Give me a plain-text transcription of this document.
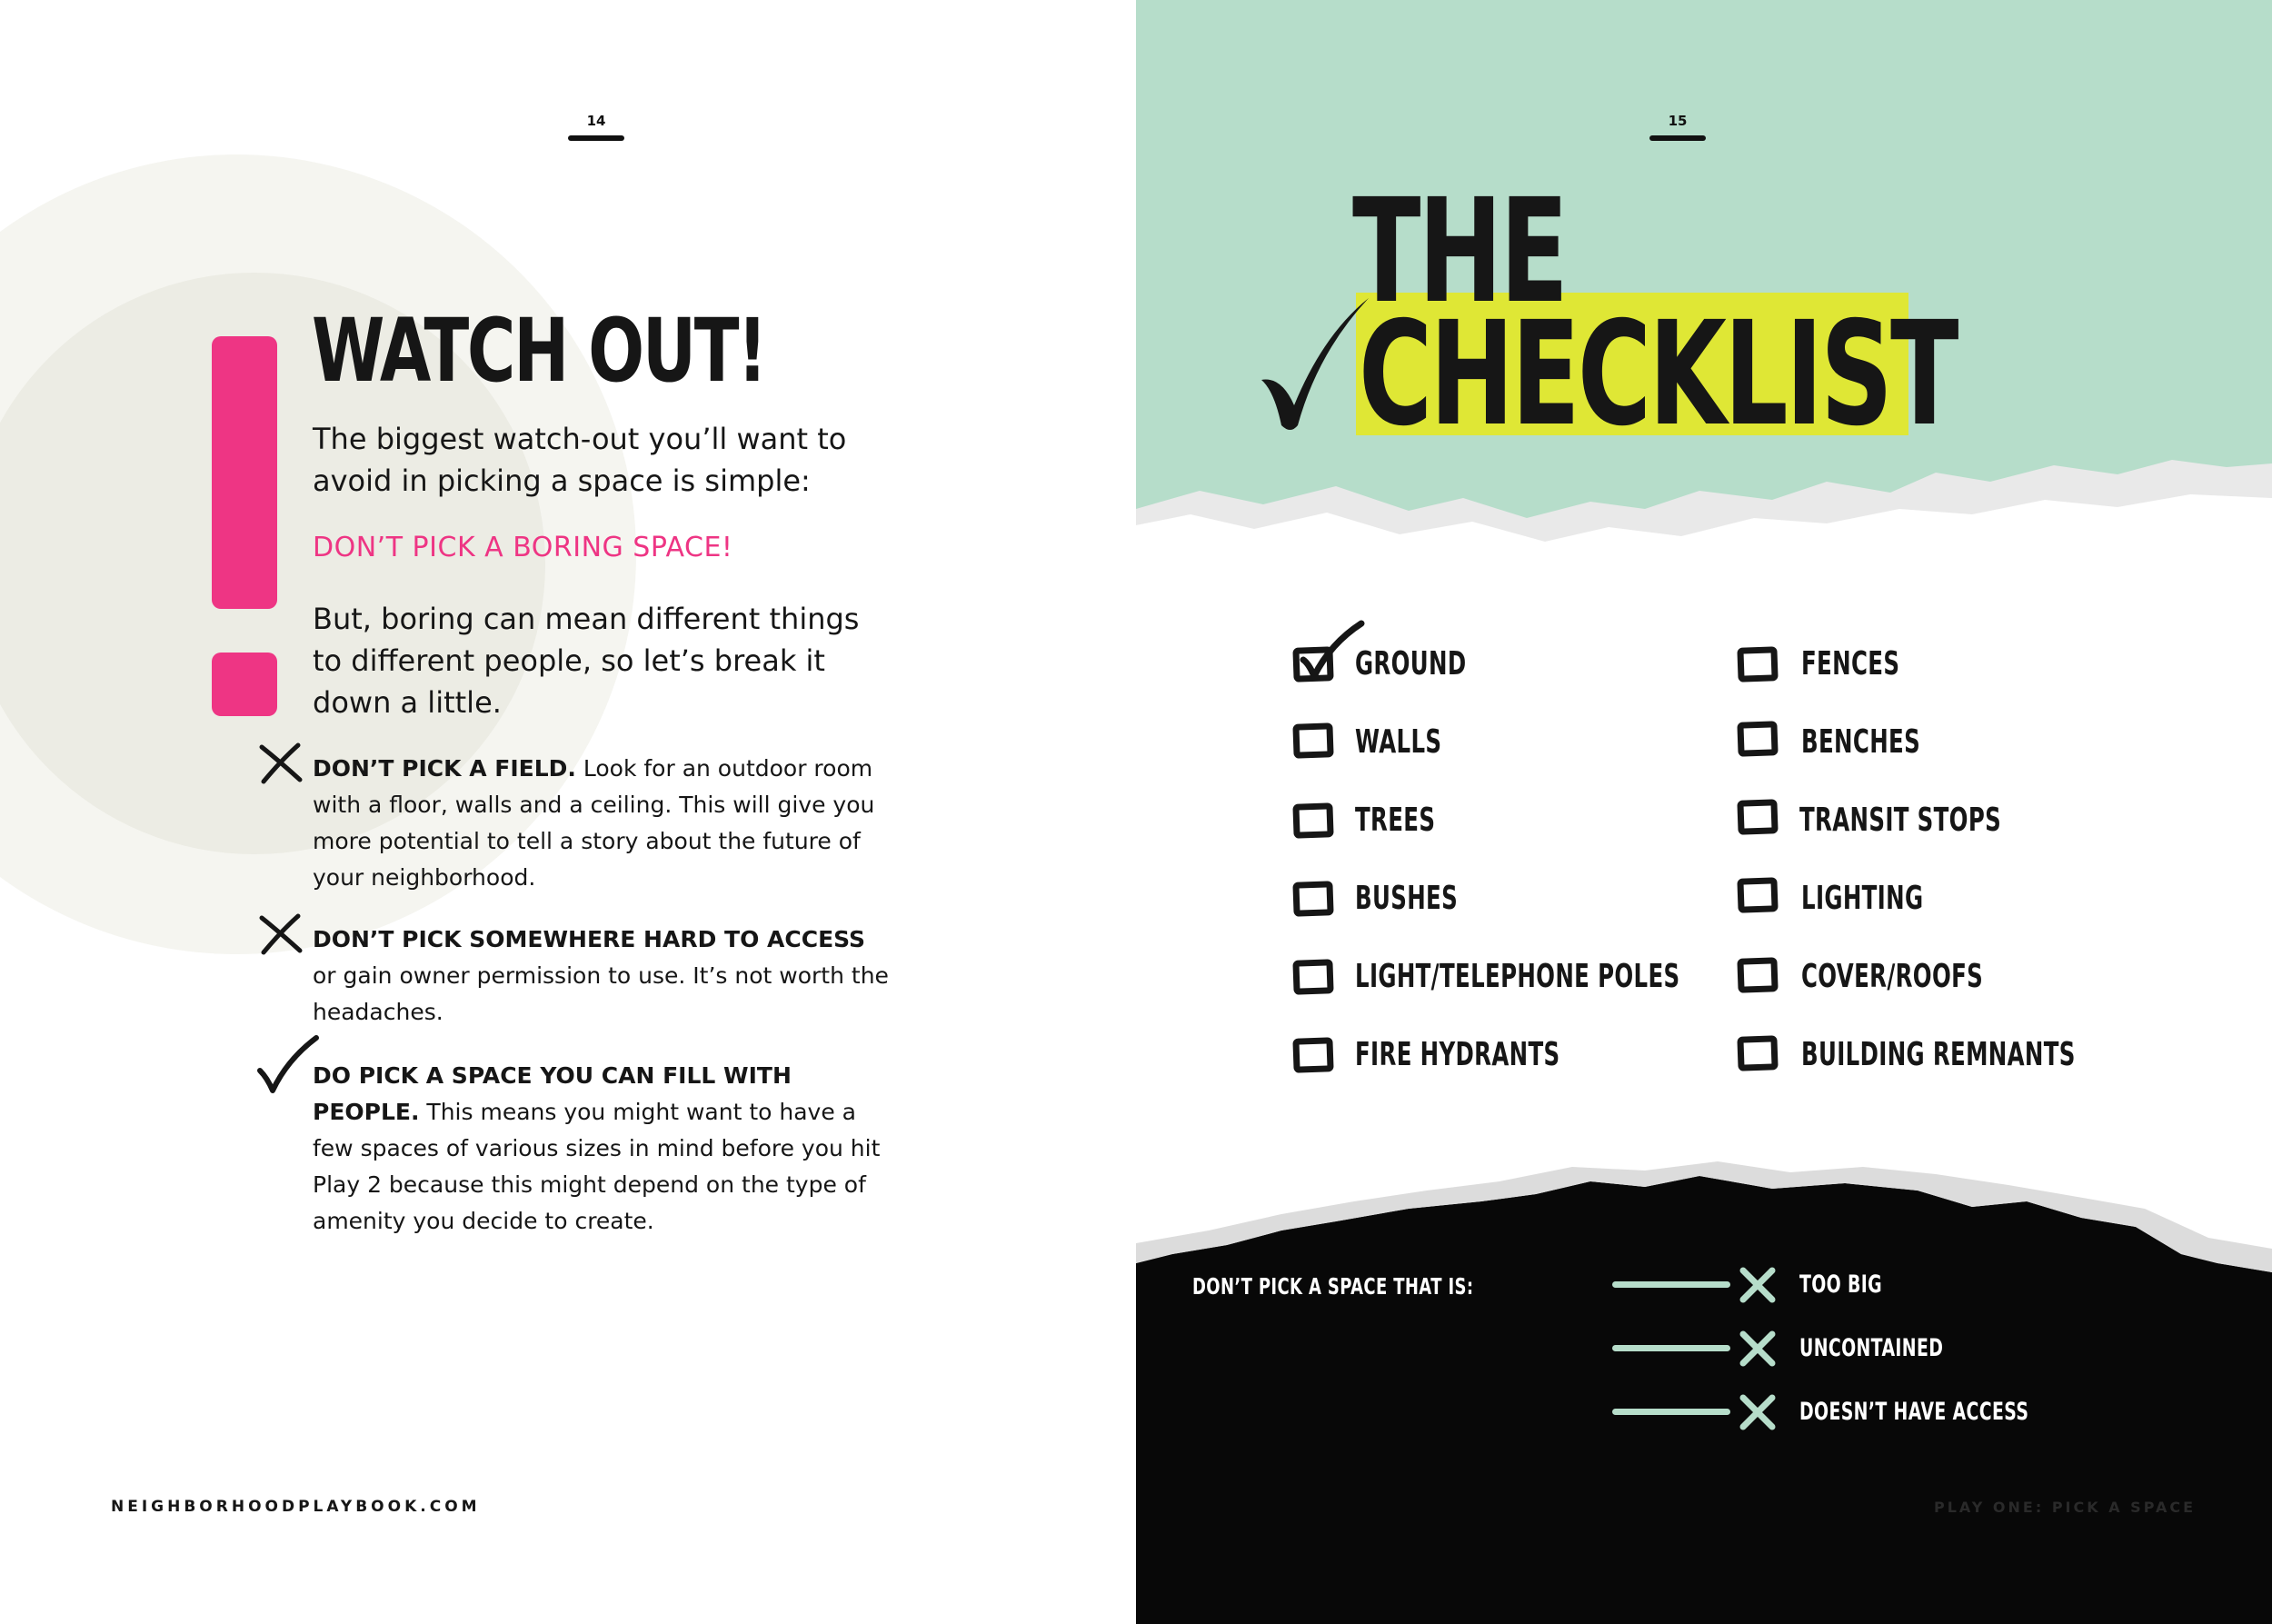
14
WATCH OUT!

The biggest watch-out you’ll want to avoid in picking a space is simple:

DON’T PICK A BORING SPACE!

But, boring can mean different things to different people, so let’s break it down a little.

DON’T PICK A FIELD. Look for an outdoor room with a floor, walls and a ceiling. This will give you more potential to tell a story about the future of your neighborhood.

DON’T PICK SOMEWHERE HARD TO ACCESS or gain owner permission to use. It’s not worth the headaches.

DO PICK A SPACE YOU CAN FILL WITH PEOPLE. This means you might want to have a few spaces of various sizes in mind before you hit Play 2 because this might depend on the type of amenity you decide to create.

NEIGHBORHOODPLAYBOOK.COM

15
THE
CHECKLIST

GROUND

WALLS

TREES

BUSHES

LIGHT/TELEPHONE POLES

FIRE HYDRANTS

FENCES

BENCHES

TRANSIT STOPS

LIGHTING

COVER/ROOFS

BUILDING REMNANTS

DON’T PICK A SPACE THAT IS:	TOO BIG

UNCONTAINED

DOESN’T HAVE ACCESS

PLAY ONE: PICK A SPACE
